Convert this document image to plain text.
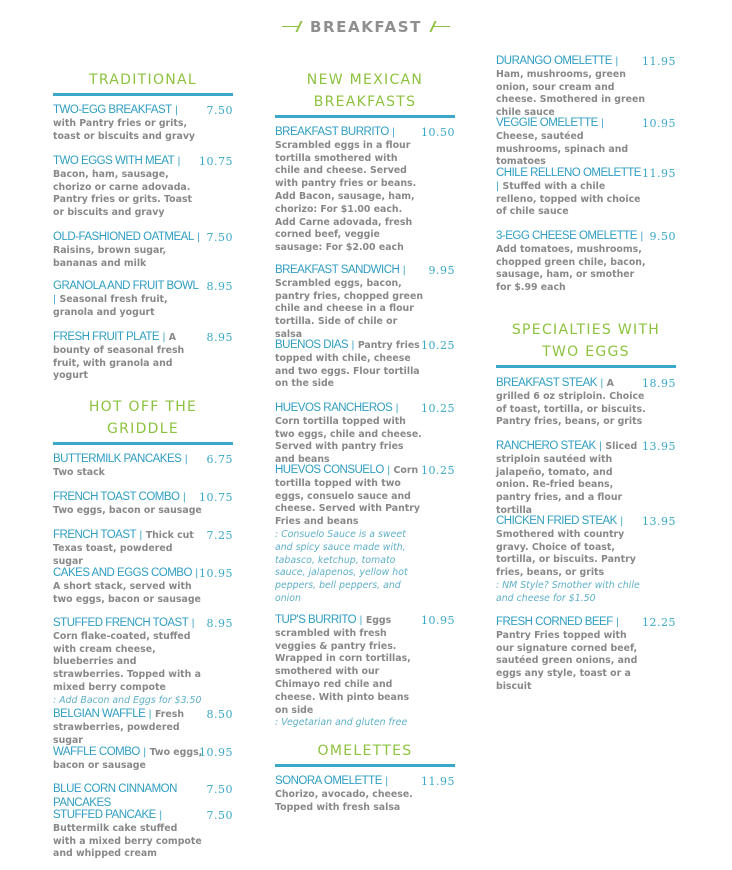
BREAKFAST
TRADITIONAL
TWO-EGG BREAKFAST | with Pantry fries or grits, toast or biscuits and gravy
7.50
TWO EGGS WITH MEAT | Bacon, ham, sausage, chorizo or carne adovada. Pantry fries or grits. Toast or biscuits and gravy
10.75
OLD-FASHIONED OATMEAL | Raisins, brown sugar, bananas and milk
7.50
GRANOLA AND FRUIT BOWL | Seasonal fresh fruit, granola and yogurt
8.95
FRESH FRUIT PLATE | A bounty of seasonal fresh fruit, with granola and yogurt
8.95
HOT OFF THE
GRIDDLE
BUTTERMILK PANCAKES | Two stack
6.75
FRENCH TOAST COMBO | Two eggs, bacon or sausage
10.75
FRENCH TOAST | Thick cut Texas toast, powdered sugar
7.25
CAKES AND EGGS COMBO | A short stack, served with two eggs, bacon or sausage
10.95
STUFFED FRENCH TOAST | Corn flake-coated, stuffed with cream cheese, blueberries and strawberries. Topped with a mixed berry compote
: Add Bacon and Eggs for $3.50
8.95
BELGIAN WAFFLE | Fresh strawberries, powdered sugar
8.50
WAFFLE COMBO | Two eggs, bacon or sausage
10.95
BLUE CORN CINNAMON PANCAKES
7.50
STUFFED PANCAKE | Buttermilk cake stuffed with a mixed berry compote and whipped cream
7.50
NEW MEXICAN
BREAKFASTS
BREAKFAST BURRITO | Scrambled eggs in a flour tortilla smothered with chile and cheese. Served with pantry fries or beans. Add Bacon, sausage, ham, chorizo: For $1.00 each. Add Carne adovada, fresh corned beef, veggie sausage: For $2.00 each
10.50
BREAKFAST SANDWICH | Scrambled eggs, bacon, pantry fries, chopped green chile and cheese in a flour tortilla. Side of chile or salsa
9.95
BUENOS DIAS | Pantry fries topped with chile, cheese and two eggs. Flour tortilla on the side
10.25
HUEVOS RANCHEROS | Corn tortilla topped with two eggs, chile and cheese. Served with pantry fries and beans
10.25
HUEVOS CONSUELO | Corn tortilla topped with two eggs, consuelo sauce and cheese. Served with Pantry Fries and beans
: Consuelo Sauce is a sweet and spicy sauce made with, tabasco, ketchup, tomato sauce, jalapenos, yellow hot peppers, bell peppers, and onion
10.25
TUP'S BURRITO | Eggs scrambled with fresh veggies & pantry fries. Wrapped in corn tortillas, smothered with our Chimayo red chile and cheese. With pinto beans on side
: Vegetarian and gluten free
10.95
OMELETTES
SONORA OMELETTE | Chorizo, avocado, cheese. Topped with fresh salsa
11.95
DURANGO OMELETTE | Ham, mushrooms, green onion, sour cream and cheese. Smothered in green chile sauce
11.95
VEGGIE OMELETTE | Cheese, sautéed mushrooms, spinach and tomatoes
10.95
CHILE RELLENO OMELETTE | Stuffed with a chile relleno, topped with choice of chile sauce
11.95
3-EGG CHEESE OMELETTE | Add tomatoes, mushrooms, chopped green chile, bacon, sausage, ham, or smother for $.99 each
9.50
SPECIALTIES WITH
TWO EGGS
BREAKFAST STEAK | A grilled 6 oz striploin. Choice of toast, tortilla, or biscuits. Pantry fries, beans, or grits
18.95
RANCHERO STEAK | Sliced striploin sautéed with jalapeño, tomato, and onion. Re-fried beans, pantry fries, and a flour tortilla
13.95
CHICKEN FRIED STEAK | Smothered with country gravy. Choice of toast, tortilla, or biscuits. Pantry fries, beans, or grits
: NM Style? Smother with chile and cheese for $1.50
13.95
FRESH CORNED BEEF | Pantry Fries topped with our signature corned beef, sautéed green onions, and eggs any style, toast or a biscuit
12.25
